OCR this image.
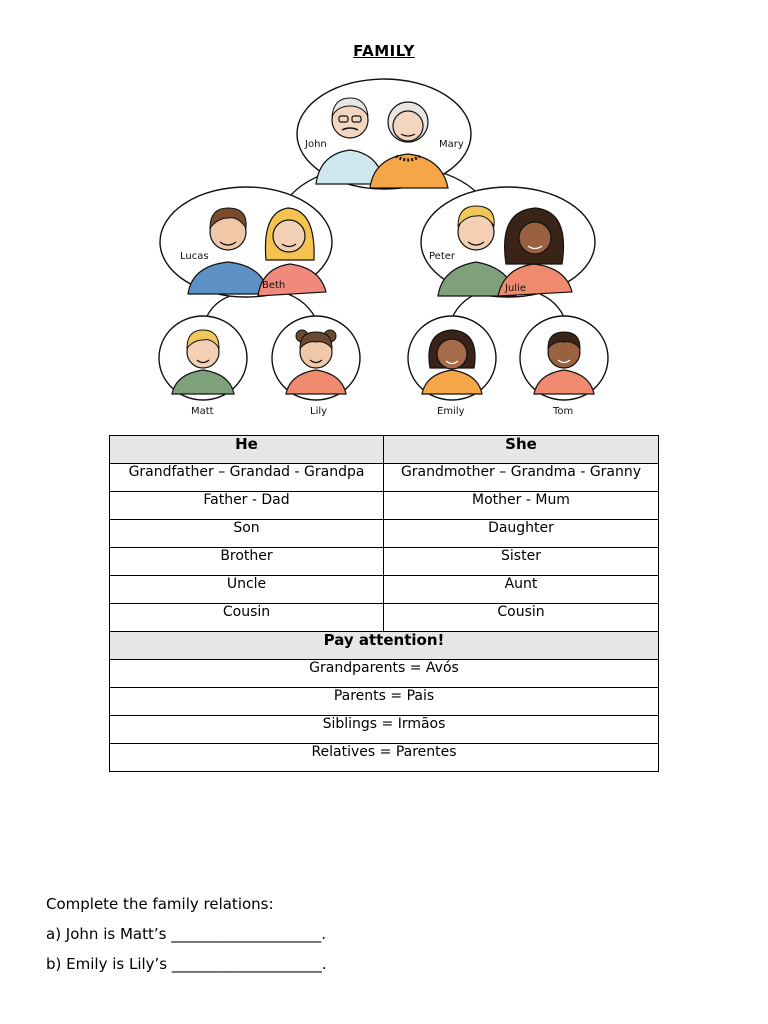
FAMILY
John	Mary
Lucas
Beth
Peter
Julie
Matt	Lily	Emily	Tom
He	She
Grandfather – Grandad - Grandpa	Grandmother – Grandma - Granny
Father - Dad	Mother - Mum
Son	Daughter
Brother	Sister
Uncle	Aunt
Cousin	Cousin
Pay attention!	
Grandparents = Avós	
Parents = Pais	
Siblings = Irmãos	
Relatives = Parentes	
Complete the family relations:
a) John is Matt’s ____________________.
b) Emily is Lily’s ____________________.
